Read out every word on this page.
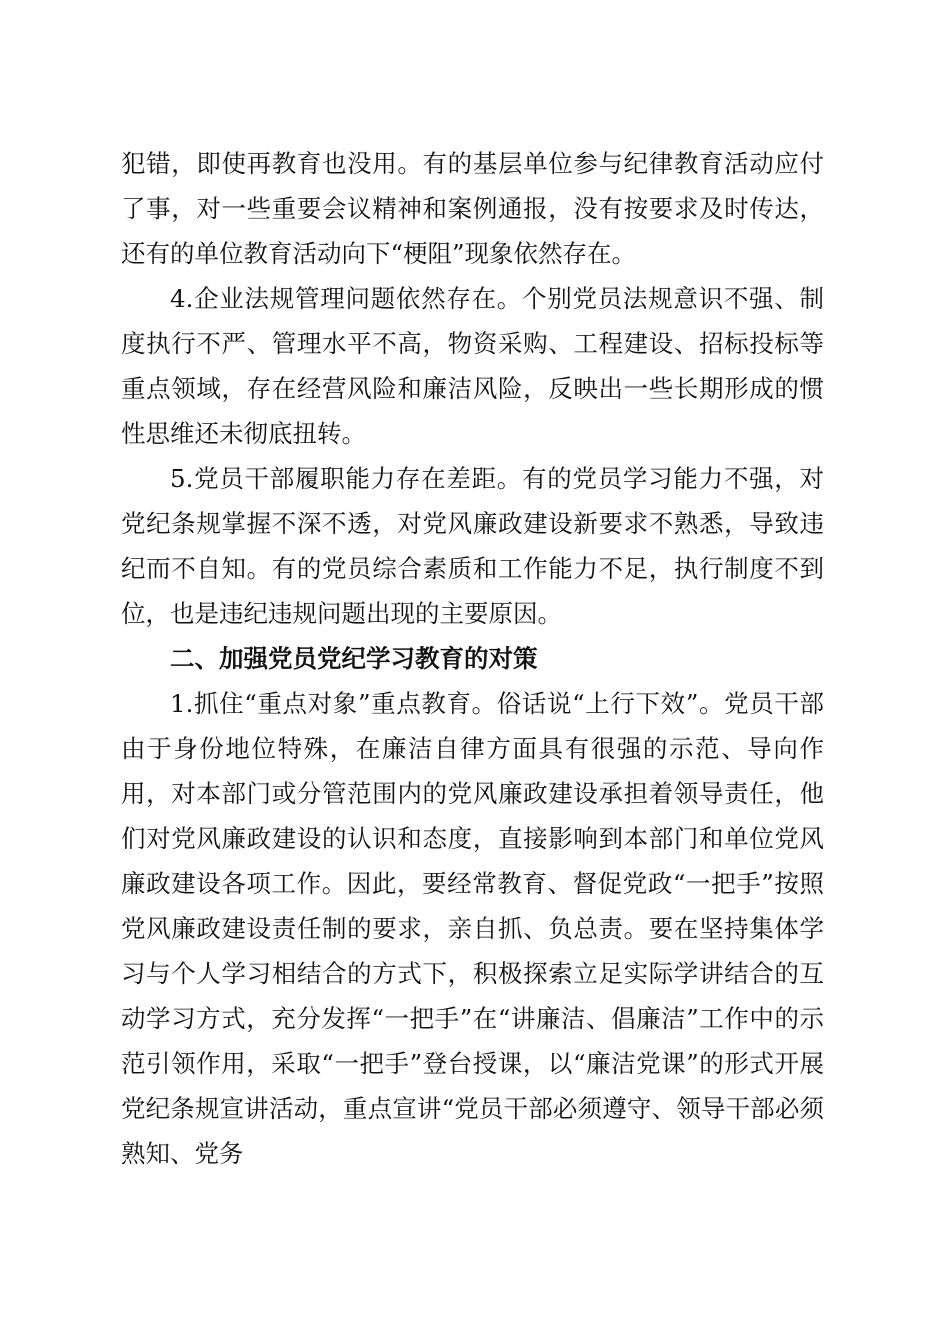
犯错，即使再教育也没用。有的基层单位参与纪律教育活动应付了事，对一些重要会议精神和案例通报，没有按要求及时传达，还有的单位教育活动向下“梗阻”现象依然存在。

4.企业法规管理问题依然存在。个别党员法规意识不强、制度执行不严、管理水平不高，物资采购、工程建设、招标投标等重点领域，存在经营风险和廉洁风险，反映出一些长期形成的惯性思维还未彻底扭转。

5.党员干部履职能力存在差距。有的党员学习能力不强，对党纪条规掌握不深不透，对党风廉政建设新要求不熟悉，导致违纪而不自知。有的党员综合素质和工作能力不足，执行制度不到位，也是违纪违规问题出现的主要原因。

二、加强党员党纪学习教育的对策

1.抓住“重点对象”重点教育。俗话说“上行下效”。党员干部由于身份地位特殊，在廉洁自律方面具有很强的示范、导向作用，对本部门或分管范围内的党风廉政建设承担着领导责任，他们对党风廉政建设的认识和态度，直接影响到本部门和单位党风廉政建设各项工作。因此，要经常教育、督促党政“一把手”按照党风廉政建设责任制的要求，亲自抓、负总责。要在坚持集体学习与个人学习相结合的方式下，积极探索立足实际学讲结合的互动学习方式，充分发挥“一把手”在“讲廉洁、倡廉洁”工作中的示范引领作用，采取“一把手”登台授课，以“廉洁党课”的形式开展党纪条规宣讲活动，重点宣讲“党员干部必须遵守、领导干部必须熟知、党务
